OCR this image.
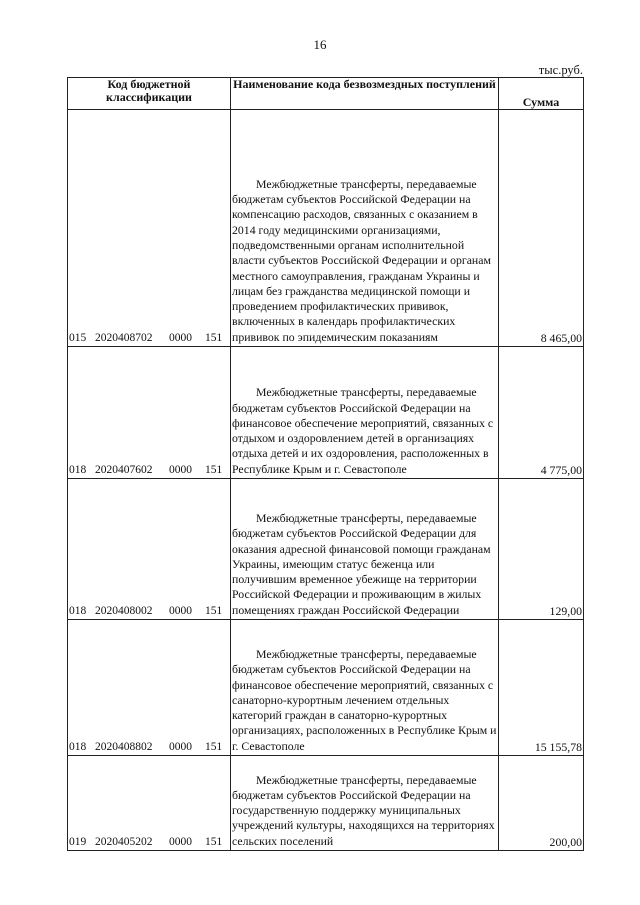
16
тыс.руб.
Код бюджетной классификации	Наименование кода безвозмездных поступлений	Сумма
015 2020408702 0000 151	Межбюджетные трансферты, передаваемые бюджетам субъектов Российской Федерации на компенсацию расходов, связанных с оказанием в 2014 году медицинскими организациями, подведомственными органам исполнительной власти субъектов Российской Федерации и органам местного самоуправления, гражданам Украины и лицам без гражданства медицинской помощи и проведением профилактических прививок, включенных в календарь профилактических прививок по эпидемическим показаниям	8 465,00
018 2020407602 0000 151	Межбюджетные трансферты, передаваемые бюджетам субъектов Российской Федерации на финансовое обеспечение мероприятий, связанных с отдыхом и оздоровлением детей в организациях отдыха детей и их оздоровления, расположенных в Республике Крым и г. Севастополе	4 775,00
018 2020408002 0000 151	Межбюджетные трансферты, передаваемые бюджетам субъектов Российской Федерации для оказания адресной финансовой помощи гражданам Украины, имеющим статус беженца или получившим временное убежище на территории Российской Федерации и проживающим в жилых помещениях граждан Российской Федерации	129,00
018 2020408802 0000 151	Межбюджетные трансферты, передаваемые бюджетам субъектов Российской Федерации на финансовое обеспечение мероприятий, связанных с санаторно-курортным лечением отдельных категорий граждан в санаторно-курортных организациях, расположенных в Республике Крым и г. Севастополе	15 155,78
019 2020405202 0000 151	Межбюджетные трансферты, передаваемые бюджетам субъектов Российской Федерации на государственную поддержку муниципальных учреждений культуры, находящихся на территориях сельских поселений	200,00
